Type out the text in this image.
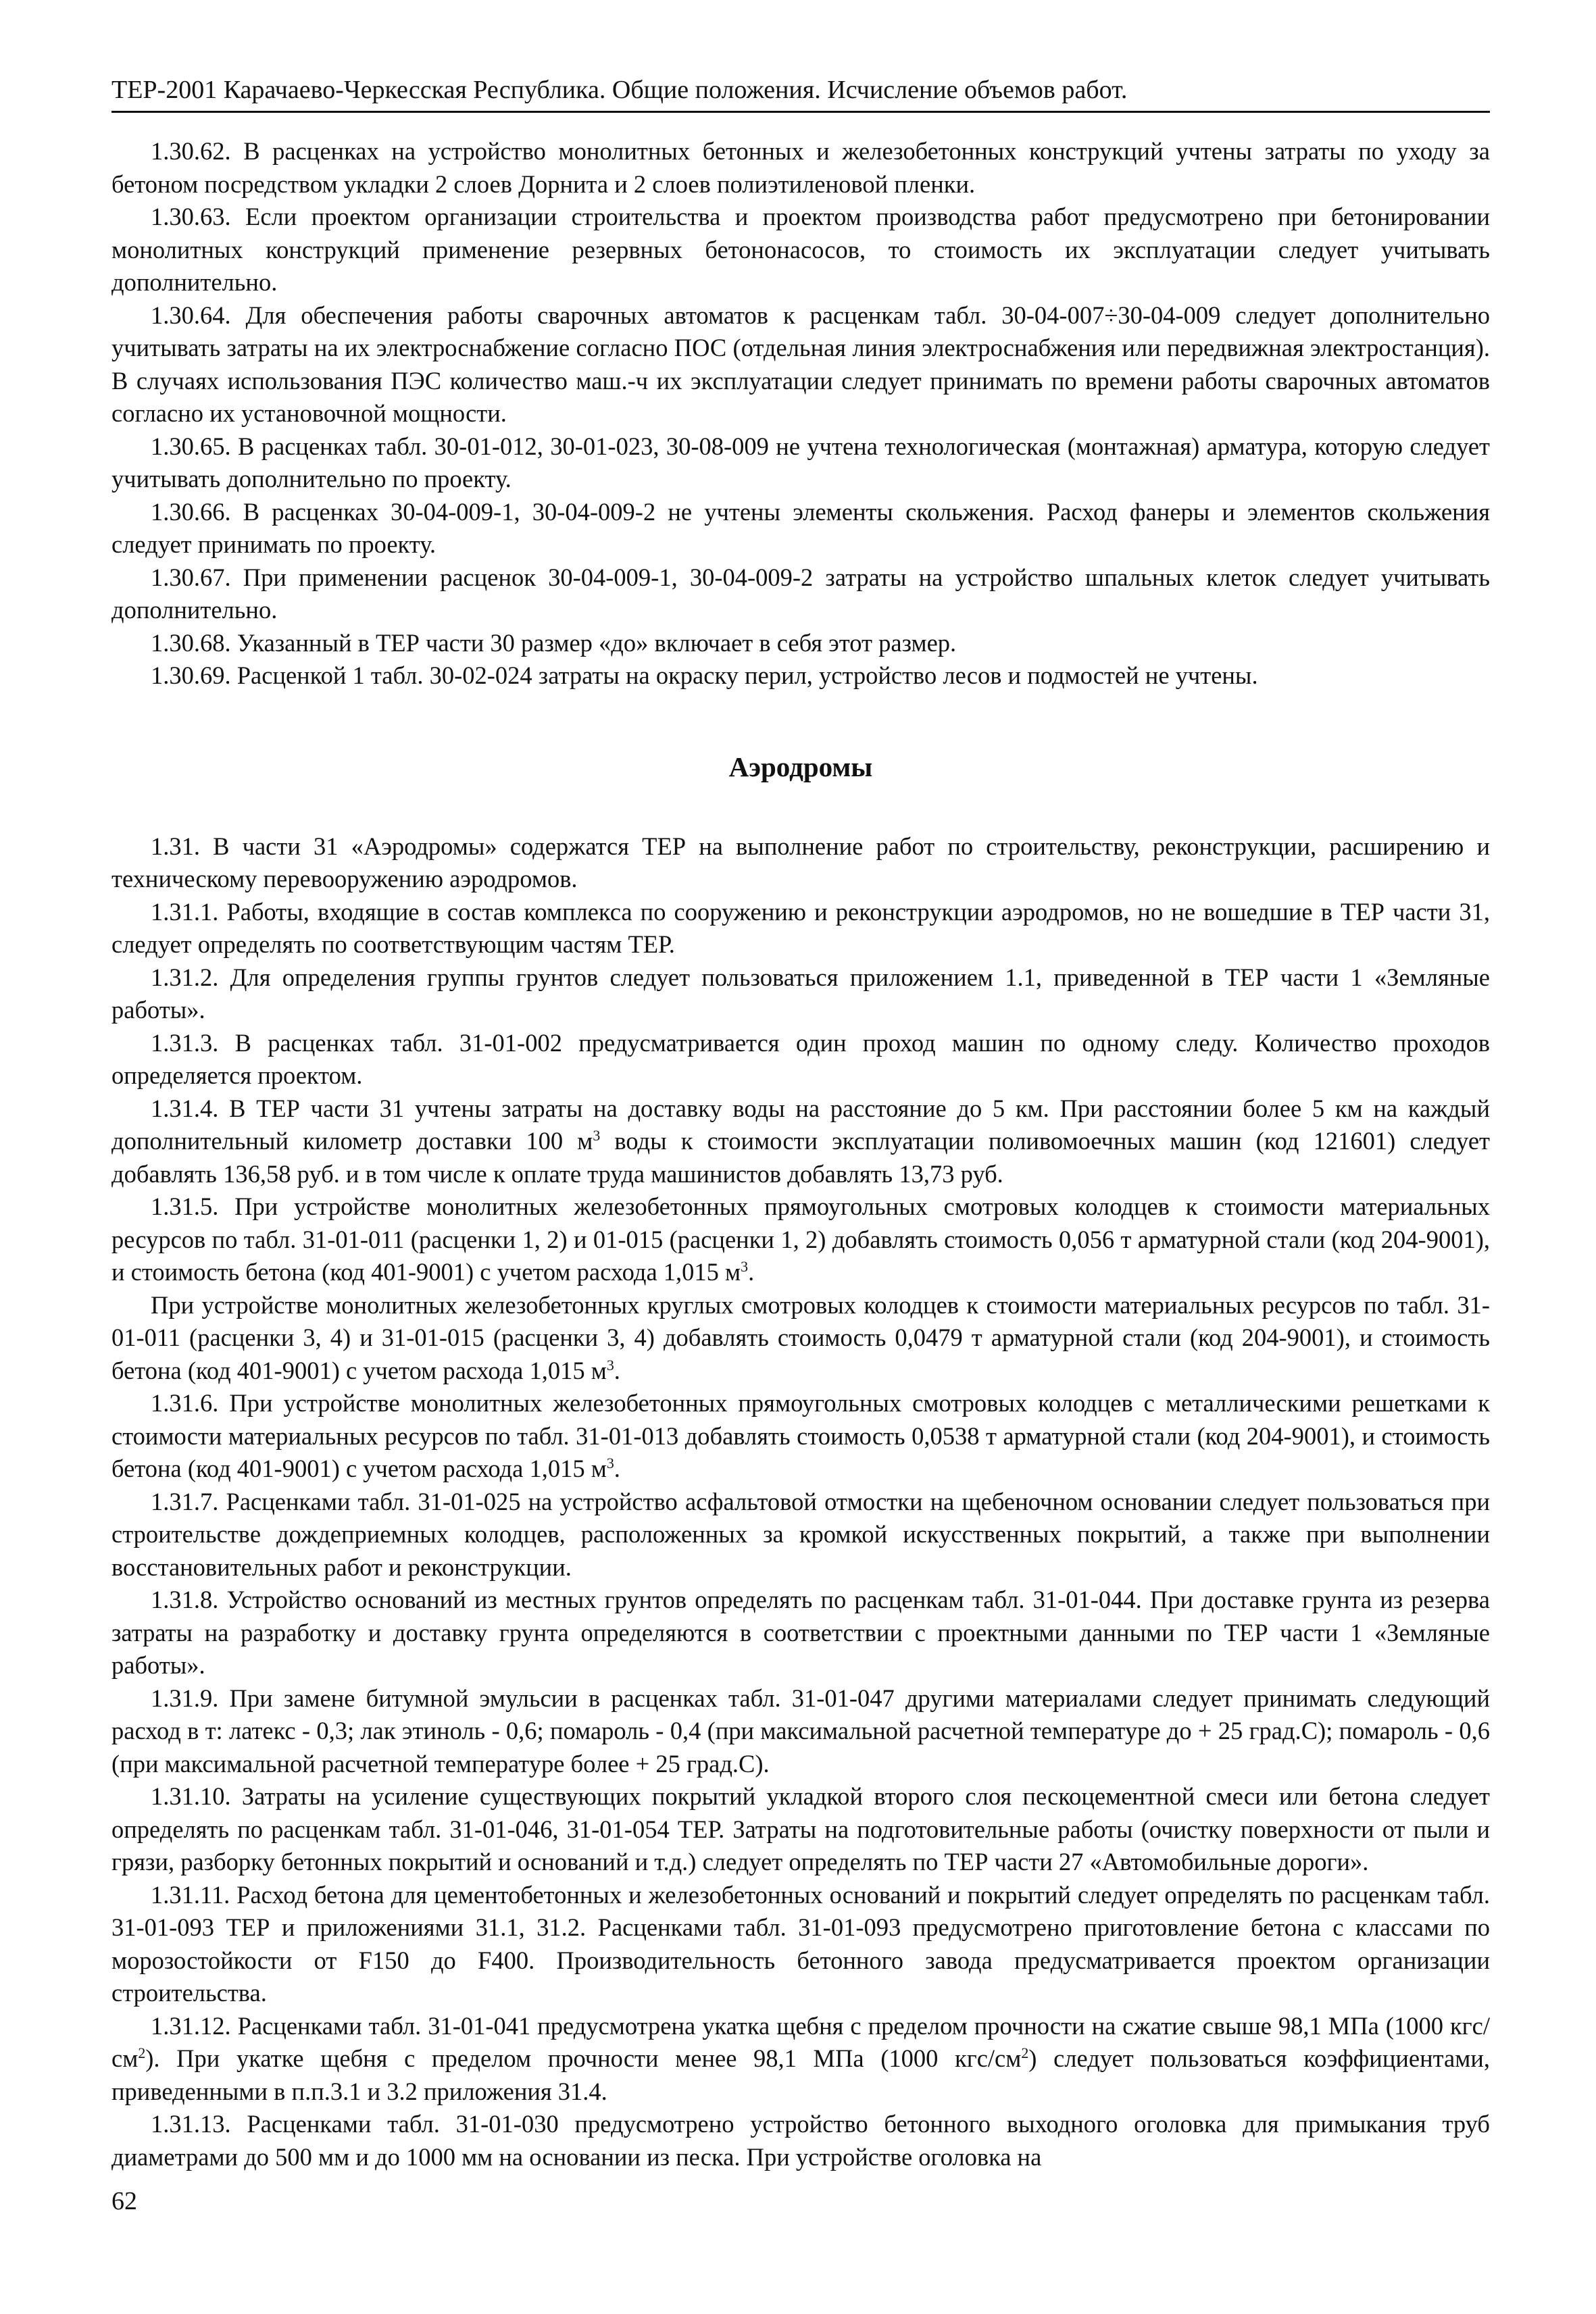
ТЕР-2001 Карачаево-Черкесская Республика. Общие положения. Исчисление объемов работ.

1.30.62. В расценках на устройство монолитных бетонных и железобетонных конструкций учтены затраты по уходу за бетоном посредством укладки 2 слоев Дорнита и 2 слоев полиэтиленовой пленки.

1.30.63. Если проектом организации строительства и проектом производства работ предусмотрено при бетонировании монолитных конструкций применение резервных бетононасосов, то стоимость их эксплуатации следует учитывать дополнительно.

1.30.64. Для обеспечения работы сварочных автоматов к расценкам табл. 30-04-007÷30-04-009 следует дополнительно учитывать затраты на их электроснабжение согласно ПОС (отдельная линия электроснабжения или передвижная электростанция). В случаях использования ПЭС количество маш.-ч их эксплуатации следует принимать по времени работы сварочных автоматов согласно их установочной мощности.

1.30.65. В расценках табл. 30-01-012, 30-01-023, 30-08-009 не учтена технологическая (монтажная) арматура, которую следует учитывать дополнительно по проекту.

1.30.66. В расценках 30-04-009-1, 30-04-009-2 не учтены элементы скольжения. Расход фанеры и элементов скольжения следует принимать по проекту.

1.30.67. При применении расценок 30-04-009-1, 30-04-009-2 затраты на устройство шпальных клеток следует учитывать дополнительно.

1.30.68. Указанный в ТЕР части 30 размер «до» включает в себя этот размер.

1.30.69. Расценкой 1 табл. 30-02-024 затраты на окраску перил, устройство лесов и подмостей не учтены.

Аэродромы

1.31. В части 31 «Аэродромы» содержатся ТЕР на выполнение работ по строительству, реконструкции, расширению и техническому перевооружению аэродромов.

1.31.1. Работы, входящие в состав комплекса по сооружению и реконструкции аэродромов, но не вошедшие в ТЕР части 31, следует определять по соответствующим частям ТЕР.

1.31.2. Для определения группы грунтов следует пользоваться приложением 1.1, приведенной в ТЕР части 1 «Земляные работы».

1.31.3. В расценках табл. 31-01-002 предусматривается один проход машин по одному следу. Количество проходов определяется проектом.

1.31.4. В ТЕР части 31 учтены затраты на доставку воды на расстояние до 5 км. При расстоянии более 5 км на каждый дополнительный километр доставки 100 $м^3$ воды к стоимости эксплуатации поливомоечных машин (код 121601) следует добавлять 136,58 руб. и в том числе к оплате труда машинистов добавлять 13,73 руб.

1.31.5. При устройстве монолитных железобетонных прямоугольных смотровых колодцев к стоимости материальных ресурсов по табл. 31-01-011 (расценки 1, 2) и 01-015 (расценки 1, 2) добавлять стоимость 0,056 т арматурной стали (код 204-9001), и стоимость бетона (код 401-9001) с учетом расхода 1,015 $м^3$.

При устройстве монолитных железобетонных круглых смотровых колодцев к стоимости материальных ресурсов по табл. 31-01-011 (расценки 3, 4) и 31-01-015 (расценки 3, 4) добавлять стоимость 0,0479 т арматурной стали (код 204-9001), и стоимость бетона (код 401-9001) с учетом расхода 1,015 $м^3$.

1.31.6. При устройстве монолитных железобетонных прямоугольных смотровых колодцев с металлическими решетками к стоимости материальных ресурсов по табл. 31-01-013 добавлять стоимость 0,0538 т арматурной стали (код 204-9001), и стоимость бетона (код 401-9001) с учетом расхода 1,015 $м^3$.

1.31.7. Расценками табл. 31-01-025 на устройство асфальтовой отмостки на щебеночном основании следует пользоваться при строительстве дождеприемных колодцев, расположенных за кромкой искусственных покрытий, а также при выполнении восстановительных работ и реконструкции.

1.31.8. Устройство оснований из местных грунтов определять по расценкам табл. 31-01-044. При доставке грунта из резерва затраты на разработку и доставку грунта определяются в соответствии с проектными данными по ТЕР части 1 «Земляные работы».

1.31.9. При замене битумной эмульсии в расценках табл. 31-01-047 другими материалами следует принимать следующий расход в т: латекс - 0,3; лак этиноль - 0,6; помароль - 0,4 (при максимальной расчетной температуре до + 25 град.С); помароль - 0,6 (при максимальной расчетной температуре более + 25 град.С).

1.31.10. Затраты на усиление существующих покрытий укладкой второго слоя пескоцементной смеси или бетона следует определять по расценкам табл. 31-01-046, 31-01-054 ТЕР. Затраты на подготовительные работы (очистку поверхности от пыли и грязи, разборку бетонных покрытий и оснований и т.д.) следует определять по ТЕР части 27 «Автомобильные дороги».

1.31.11. Расход бетона для цементобетонных и железобетонных оснований и покрытий следует определять по расценкам табл. 31-01-093 ТЕР и приложениями 31.1, 31.2. Расценками табл. 31-01-093 предусмотрено приготовление бетона с классами по морозостойкости от F150 до F400. Производительность бетонного завода предусматривается проектом организации строительства.

1.31.12. Расценками табл. 31-01-041 предусмотрена укатка щебня с пределом прочности на сжатие свыше 98,1 МПа (1000 кгс/$см^2$). При укатке щебня с пределом прочности менее 98,1 МПа (1000 кгс/$см^2$) следует пользоваться коэффициентами, приведенными в п.п.3.1 и 3.2 приложения 31.4.

1.31.13. Расценками табл. 31-01-030 предусмотрено устройство бетонного выходного оголовка для примыкания труб диаметрами до 500 мм и до 1000 мм на основании из песка. При устройстве оголовка на

62
